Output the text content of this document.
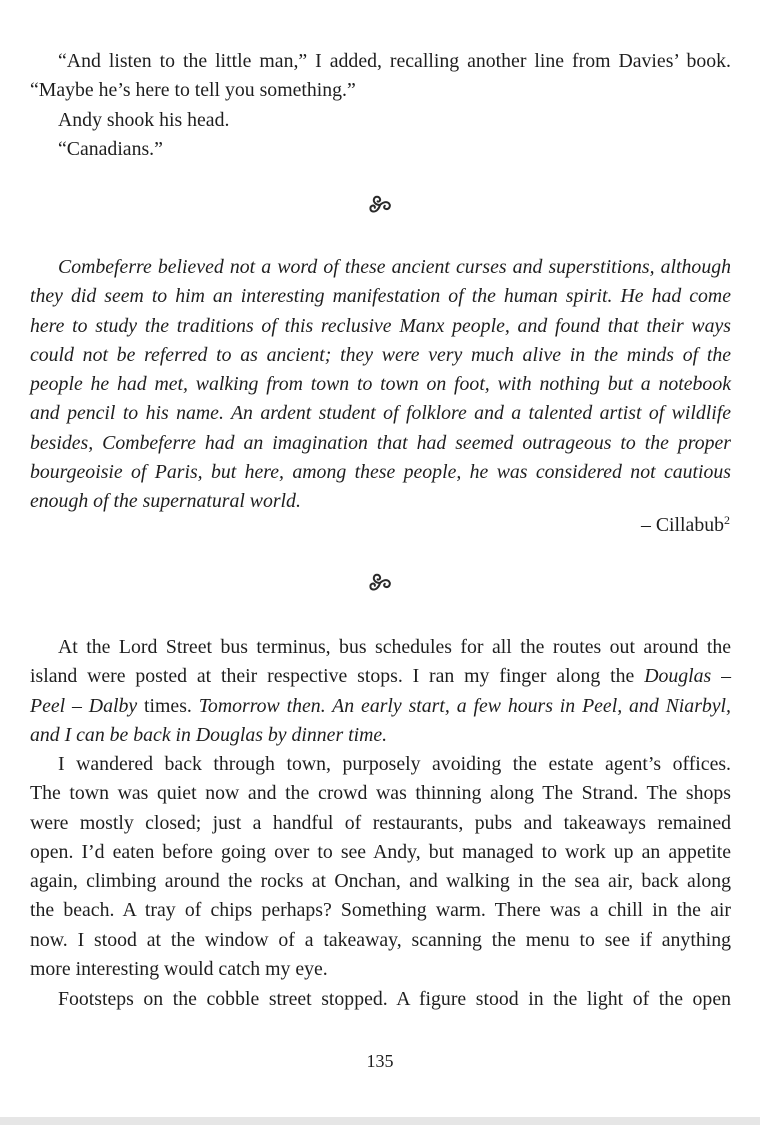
“And listen to the little man,” I added, recalling another line from Davies’ book.
“Maybe he’s here to tell you something.”
Andy shook his head.
“Canadians.”
Combeferre believed not a word of these ancient curses and superstitions, although
they did seem to him an interesting manifestation of the human spirit. He had come
here to study the traditions of this reclusive Manx people, and found that their ways
could not be referred to as ancient; they were very much alive in the minds of the
people he had met, walking from town to town on foot, with nothing but a notebook
and pencil to his name. An ardent student of folklore and a talented artist of wildlife
besides, Combeferre had an imagination that had seemed outrageous to the proper
bourgeoisie of Paris, but here, among these people, he was considered not cautious
enough of the supernatural world.
– Cillabub$^2$
At the Lord Street bus terminus, bus schedules for all the routes out around the
island were posted at their respective stops. I ran my finger along the Douglas –
Peel – Dalby times. Tomorrow then. An early start, a few hours in Peel, and Niarbyl,
and I can be back in Douglas by dinner time.
I wandered back through town, purposely avoiding the estate agent’s offices.
The town was quiet now and the crowd was thinning along The Strand. The shops
were mostly closed; just a handful of restaurants, pubs and takeaways remained
open. I’d eaten before going over to see Andy, but managed to work up an appetite
again, climbing around the rocks at Onchan, and walking in the sea air, back along
the beach. A tray of chips perhaps? Something warm. There was a chill in the air
now. I stood at the window of a takeaway, scanning the menu to see if anything
more interesting would catch my eye.
Footsteps on the cobble street stopped. A figure stood in the light of the open
135
